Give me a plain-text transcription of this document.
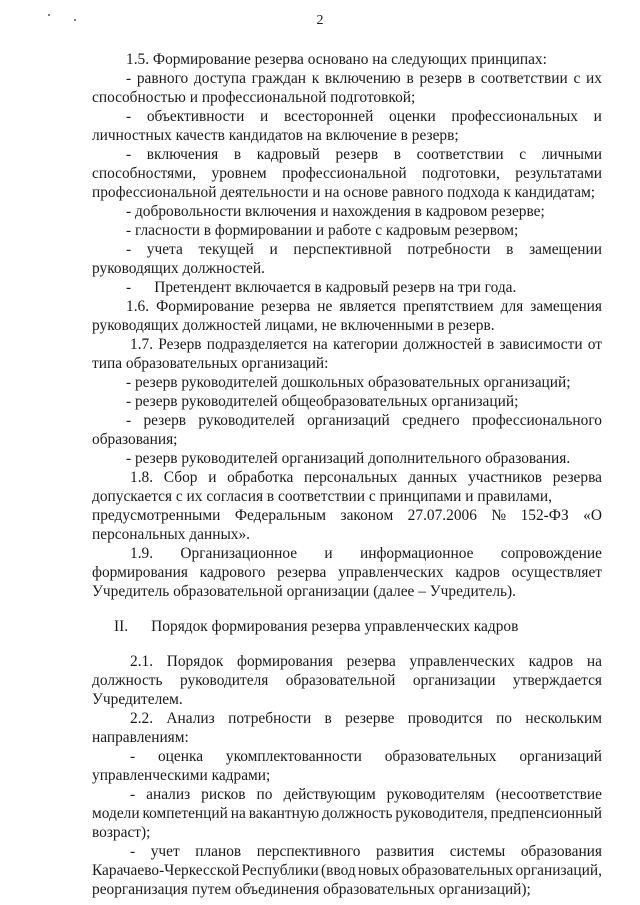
2
1.5. Формирование резерва основано на следующих принципах:
- равного доступа граждан к включению в резерв в соответствии с их
способностью и профессиональной подготовкой;
- объективности и всесторонней оценки профессиональных и
личностных качеств кандидатов на включение в резерв;
- включения в кадровый резерв в соответствии с личными
способностями, уровнем профессиональной подготовки, результатами
профессиональной деятельности и на основе равного подхода к кандидатам;
- добровольности включения и нахождения в кадровом резерве;
- гласности в формировании и работе с кадровым резервом;
- учета текущей и перспективной потребности в замещении
руководящих должностей.
-      Претендент включается в кадровый резерв на три года.
1.6. Формирование резерва не является препятствием для замещения
руководящих должностей лицами, не включенными в резерв.
1.7. Резерв подразделяется на категории должностей в зависимости от
типа образовательных организаций:
- резерв руководителей дошкольных образовательных организаций;
- резерв руководителей общеобразовательных организаций;
- резерв руководителей организаций среднего профессионального
образования;
- резерв руководителей организаций дополнительного образования.
1.8. Сбор и обработка персональных данных участников резерва
допускается с их согласия в соответствии с принципами и правилами,
предусмотренными Федеральным законом 27.07.2006 № 152-ФЗ «О
персональных данных».
1.9. Организационное и информационное сопровождение
формирования кадрового резерва управленческих кадров осуществляет
Учредитель образовательной организации (далее – Учредитель).
II.      Порядок формирования резерва управленческих кадров
2.1. Порядок формирования резерва управленческих кадров на
должность руководителя образовательной организации утверждается
Учредителем.
2.2. Анализ потребности в резерве проводится по нескольким
направлениям:
- оценка укомплектованности образовательных организаций
управленческими кадрами;
- анализ рисков по действующим руководителям (несоответствие
модели компетенций на вакантную должность руководителя, предпенсионный
возраст);
- учет планов перспективного развития системы образования
Карачаево-Черкесской Республики (ввод новых образовательных организаций,
реорганизация путем объединения образовательных организаций);
